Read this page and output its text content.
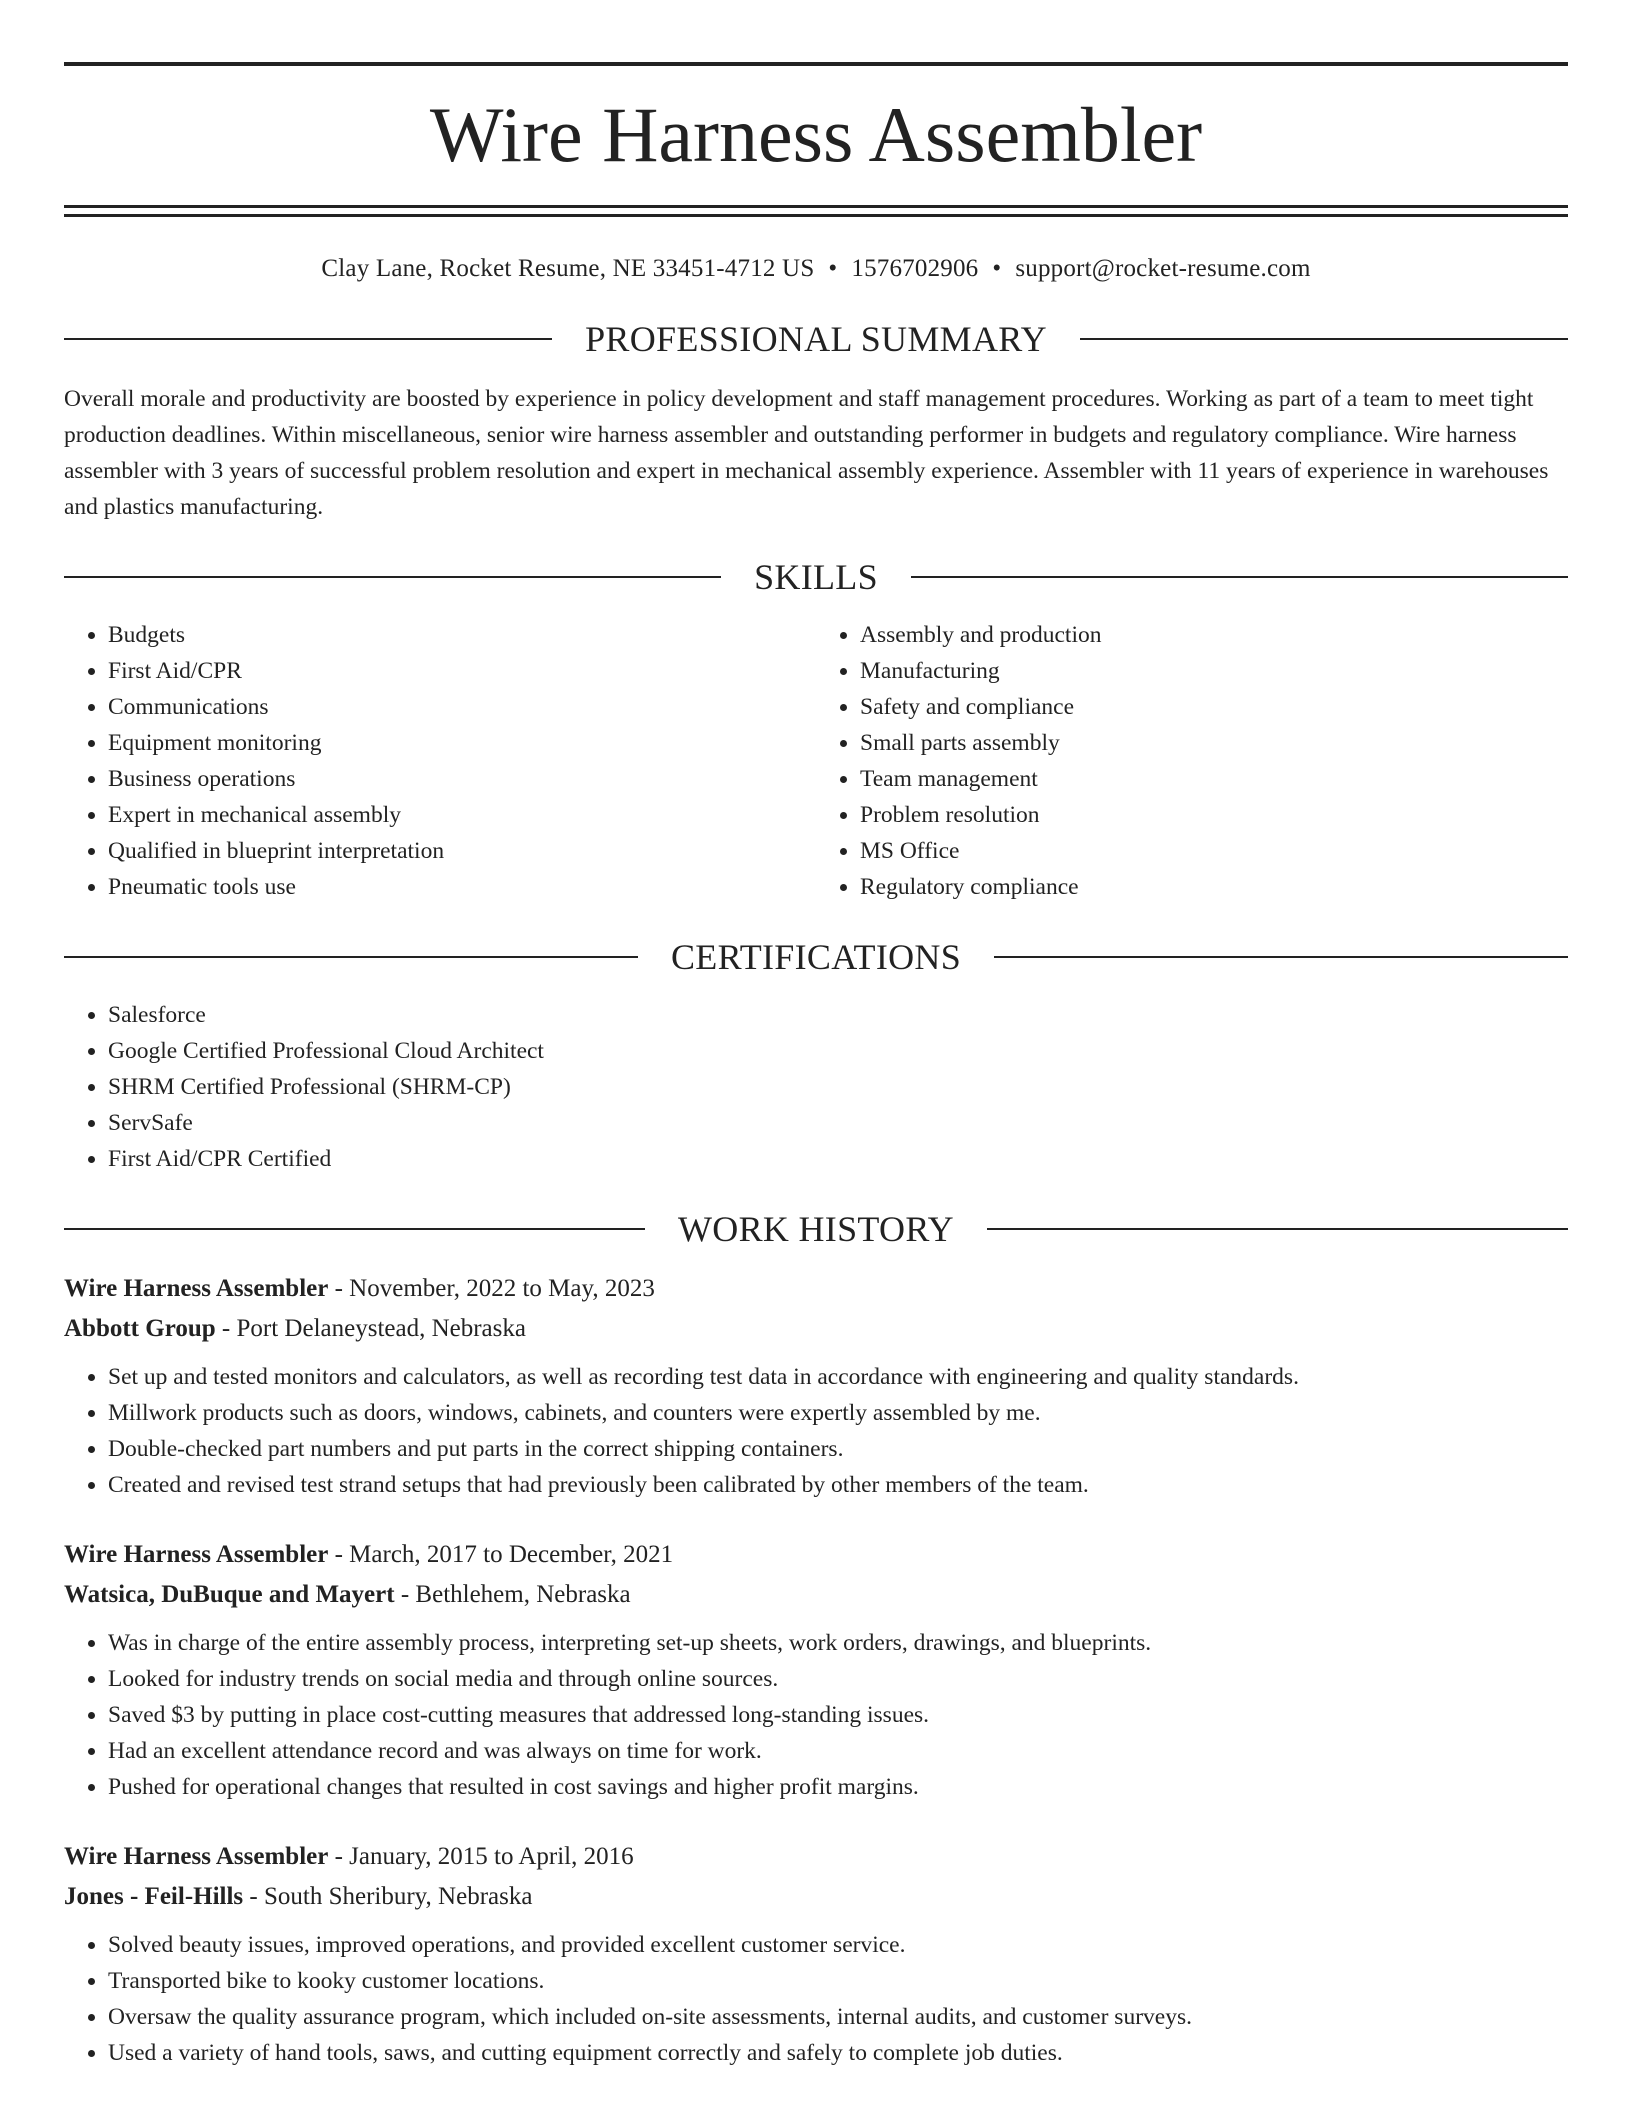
Wire Harness Assembler
Clay Lane, Rocket Resume, NE 33451-4712 US • 1576702906 • support@rocket-resume.com
PROFESSIONAL SUMMARY

Overall morale and productivity are boosted by experience in policy development and staff management procedures. Working as part of a team to meet tight production deadlines. Within miscellaneous, senior wire harness assembler and outstanding performer in budgets and regulatory compliance. Wire harness assembler with 3 years of successful problem resolution and expert in mechanical assembly experience. Assembler with 11 years of experience in warehouses and plastics manufacturing.

SKILLS
• Budgets
• First Aid/CPR
• Communications
• Equipment monitoring
• Business operations
• Expert in mechanical assembly
• Qualified in blueprint interpretation
• Pneumatic tools use
• Assembly and production
• Manufacturing
• Safety and compliance
• Small parts assembly
• Team management
• Problem resolution
• MS Office
• Regulatory compliance
CERTIFICATIONS
• Salesforce
• Google Certified Professional Cloud Architect
• SHRM Certified Professional (SHRM-CP)
• ServSafe
• First Aid/CPR Certified
WORK HISTORY
Wire Harness Assembler - November, 2022 to May, 2023
Abbott Group - Port Delaneystead, Nebraska
• Set up and tested monitors and calculators, as well as recording test data in accordance with engineering and quality standards.
• Millwork products such as doors, windows, cabinets, and counters were expertly assembled by me.
• Double-checked part numbers and put parts in the correct shipping containers.
• Created and revised test strand setups that had previously been calibrated by other members of the team.
Wire Harness Assembler - March, 2017 to December, 2021
Watsica, DuBuque and Mayert - Bethlehem, Nebraska
• Was in charge of the entire assembly process, interpreting set-up sheets, work orders, drawings, and blueprints.
• Looked for industry trends on social media and through online sources.
• Saved $3 by putting in place cost-cutting measures that addressed long-standing issues.
• Had an excellent attendance record and was always on time for work.
• Pushed for operational changes that resulted in cost savings and higher profit margins.
Wire Harness Assembler - January, 2015 to April, 2016
Jones - Feil-Hills - South Sheribury, Nebraska
• Solved beauty issues, improved operations, and provided excellent customer service.
• Transported bike to kooky customer locations.
• Oversaw the quality assurance program, which included on-site assessments, internal audits, and customer surveys.
• Used a variety of hand tools, saws, and cutting equipment correctly and safely to complete job duties.
